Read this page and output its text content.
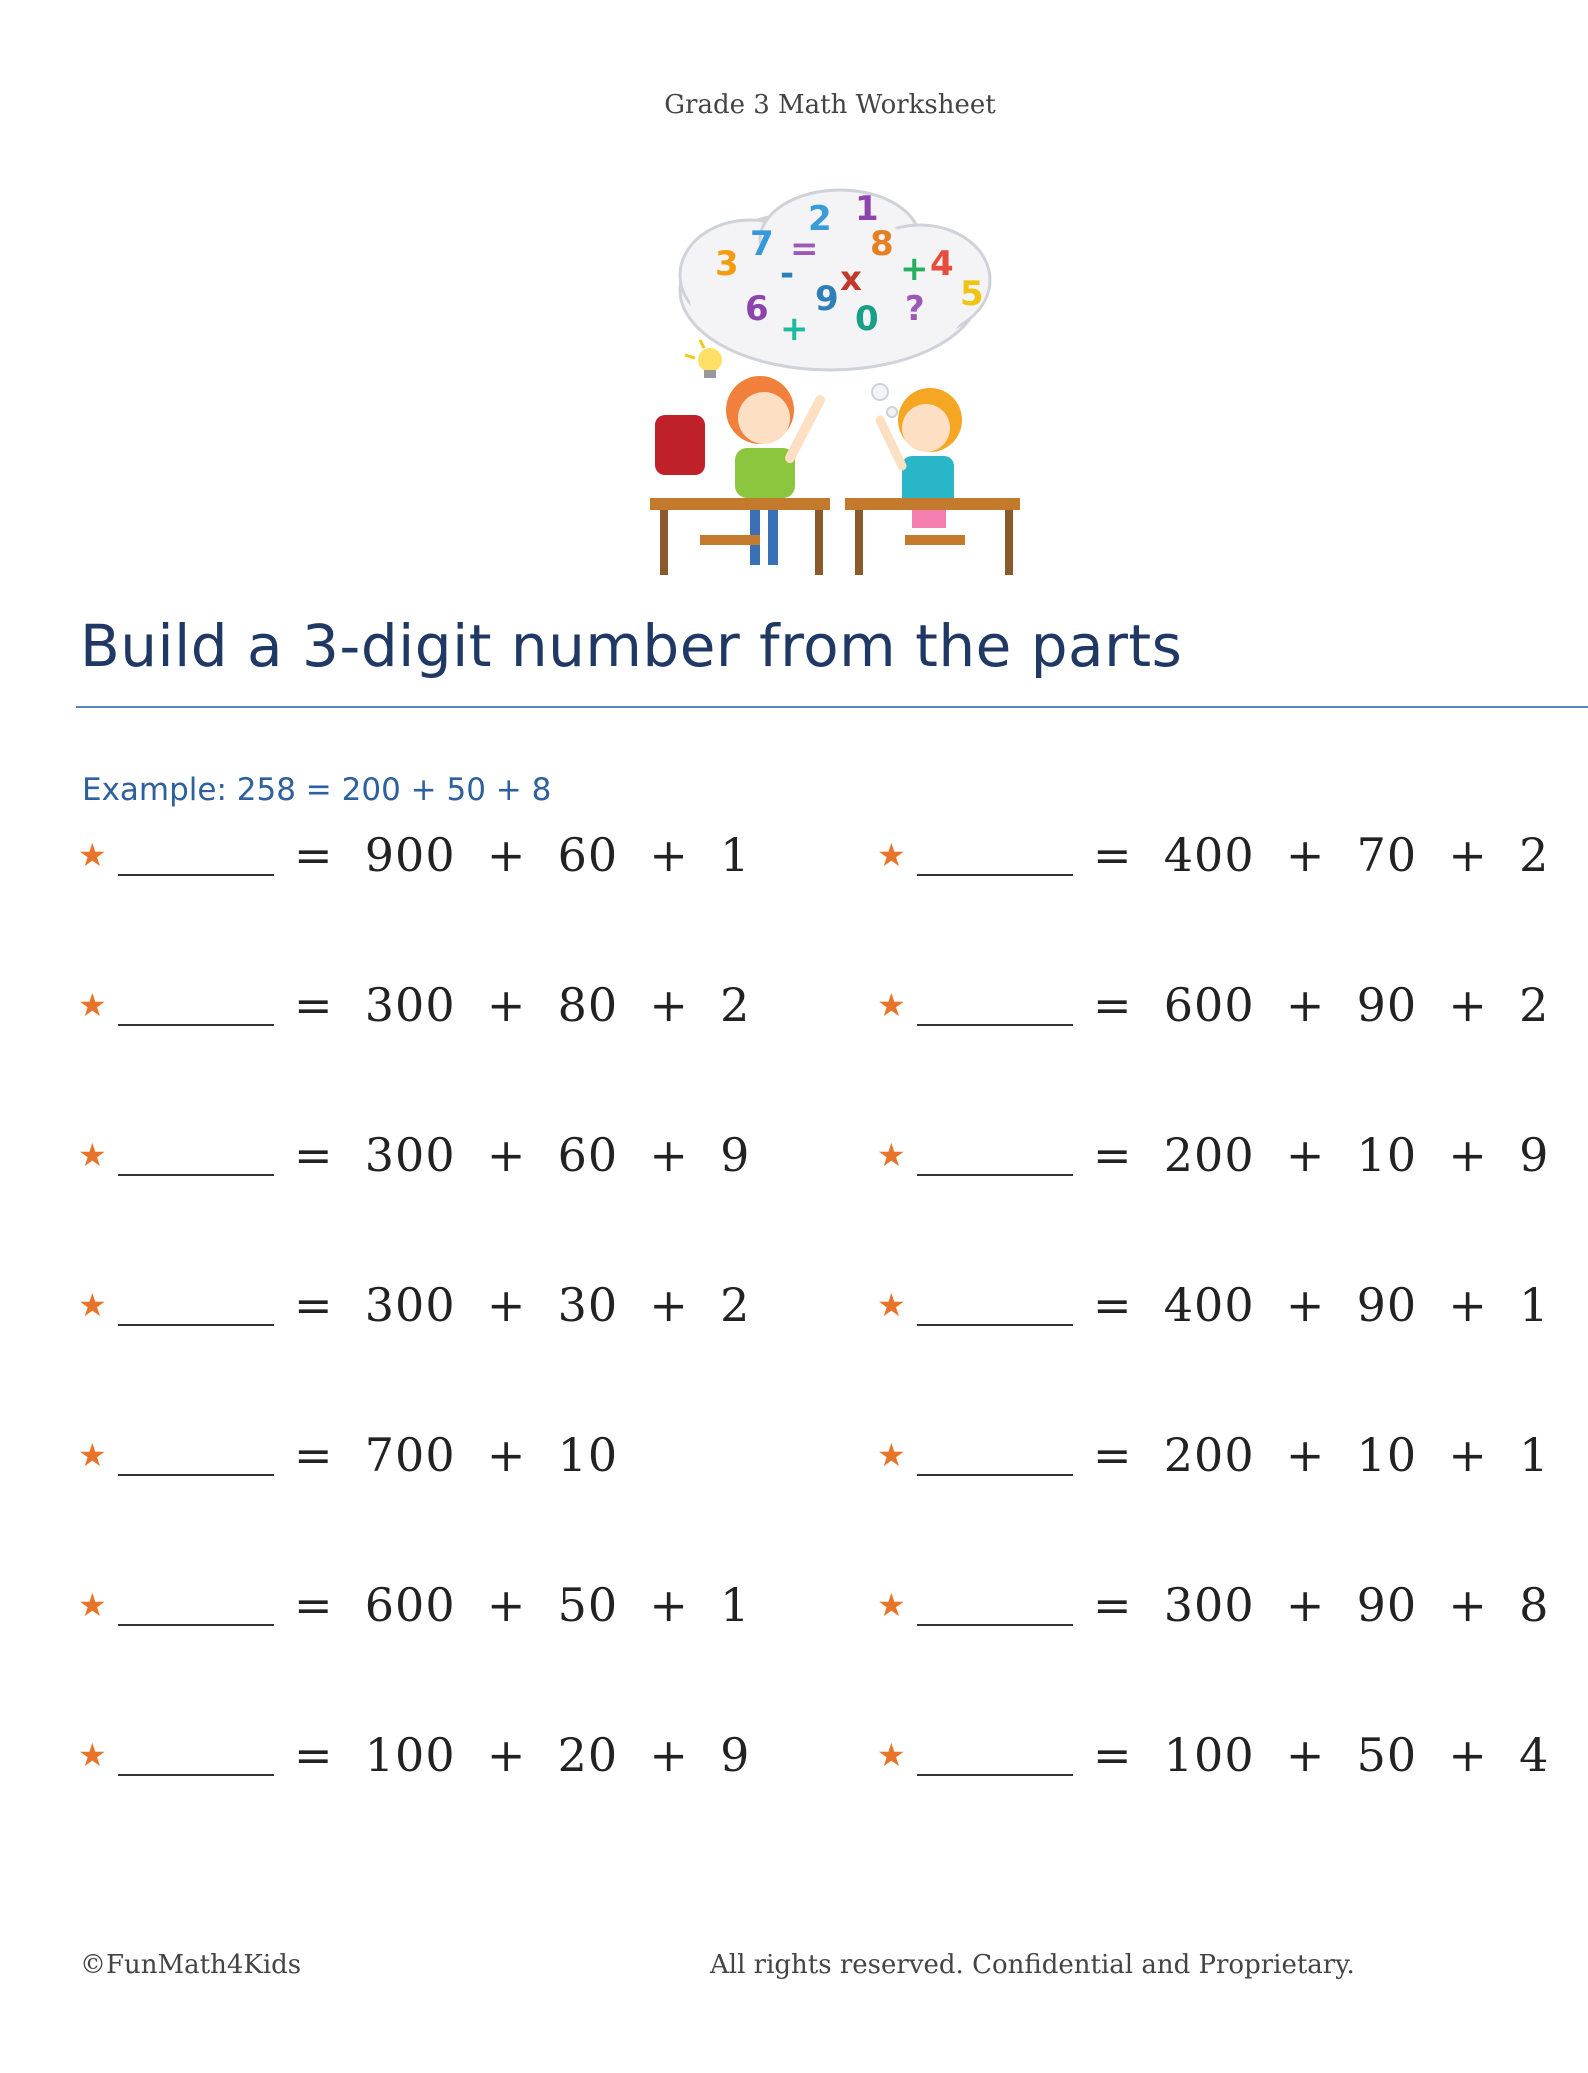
Grade 3 Math Worksheet
2 1
7 = 8
3	+ 4
-
9 x	5
6 + 0 ?
Build a 3-digit number from the parts
Example: 258 = 200 + 50 + 8
★	=  900  +  60  +  1
★	=  300  +  80  +  2
★	=  300  +  60  +  9
★	=  300  +  30  +  2
★	=  700  +  10
★	=  600  +  50  +  1
★	=  100  +  20  +  9
★	=  400  +  70  +  2
★	=  600  +  90  +  2
★	=  200  +  10  +  9
★	=  400  +  90  +  1
★	=  200  +  10  +  1
★	=  300  +  90  +  8
★	=  100  +  50  +  4
©FunMath4Kids	All rights reserved. Confidential and Proprietary.
